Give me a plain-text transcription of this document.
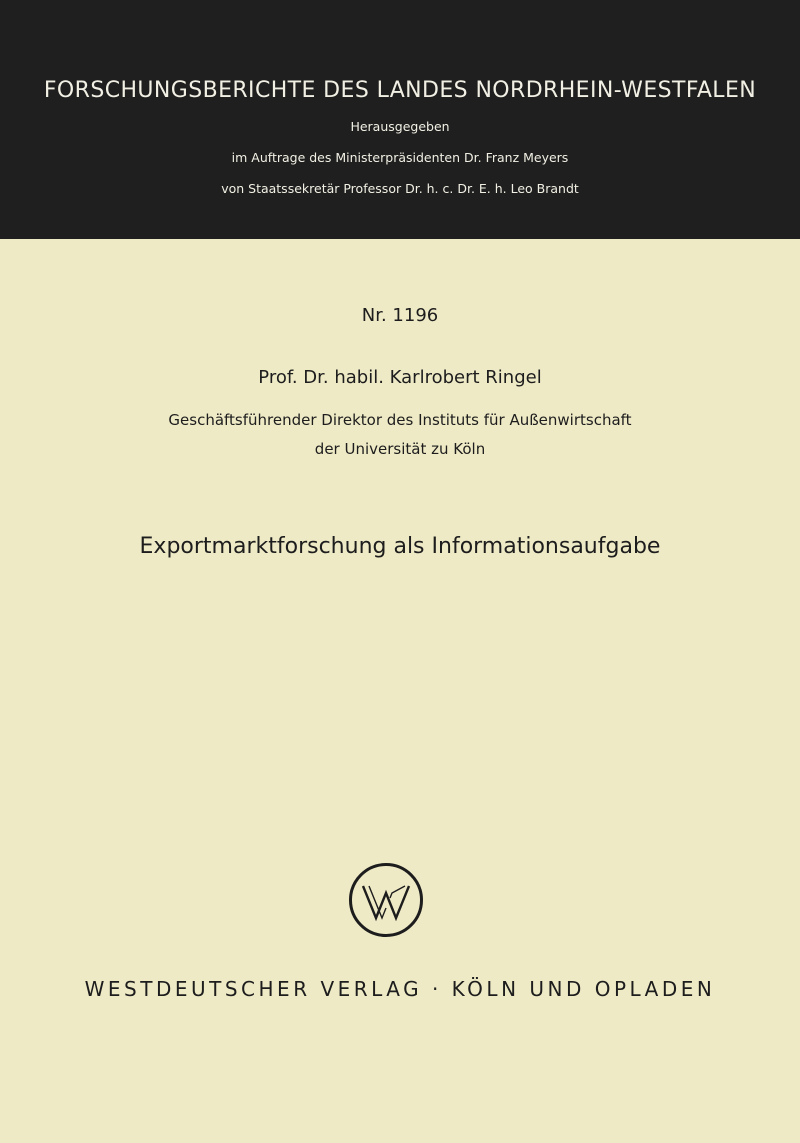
FORSCHUNGSBERICHTE DES LANDES NORDRHEIN-WESTFALEN
Herausgegeben
im Auftrage des Ministerpräsidenten Dr. Franz Meyers
von Staatssekretär Professor Dr. h. c. Dr. E. h. Leo Brandt
Nr. 1196
Prof. Dr. habil. Karlrobert Ringel
Geschäftsführender Direktor des Instituts für Außenwirtschaft
der Universität zu Köln
Exportmarktforschung als Informationsaufgabe
WESTDEUTSCHER VERLAG · KÖLN UND OPLADEN
